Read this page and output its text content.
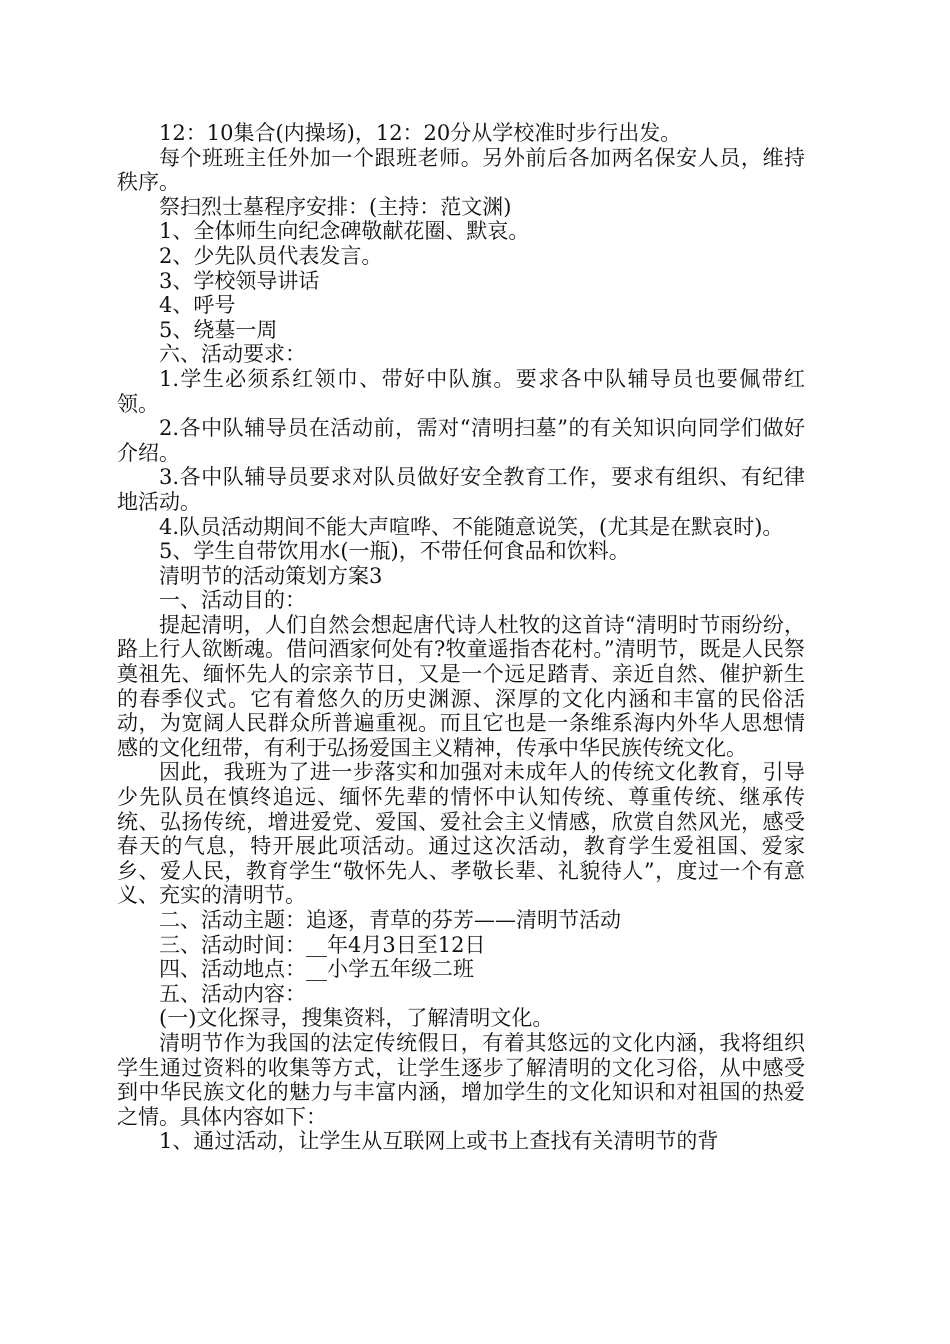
12：10集合(内操场)，12：20分从学校准时步行出发。

每个班班主任外加一个跟班老师。另外前后各加两名保安人员，维持秩序。

祭扫烈士墓程序安排：(主持：范文渊)

1、全体师生向纪念碑敬献花圈、默哀。

2、少先队员代表发言。

3、学校领导讲话

4、呼号

5、绕墓一周

六、活动要求：

1.学生必须系红领巾、带好中队旗。要求各中队辅导员也要佩带红领。

2.各中队辅导员在活动前，需对“清明扫墓”的有关知识向同学们做好介绍。

3.各中队辅导员要求对队员做好安全教育工作，要求有组织、有纪律地活动。

4.队员活动期间不能大声喧哗、不能随意说笑，(尤其是在默哀时)。

5、学生自带饮用水(一瓶)，不带任何食品和饮料。

清明节的活动策划方案3

一、活动目的：

提起清明，人们自然会想起唐代诗人杜牧的这首诗“清明时节雨纷纷，路上行人欲断魂。借问酒家何处有?牧童遥指杏花村。”清明节，既是人民祭奠祖先、缅怀先人的宗亲节日，又是一个远足踏青、亲近自然、催护新生的春季仪式。它有着悠久的历史渊源、深厚的文化内涵和丰富的民俗活动，为宽阔人民群众所普遍重视。而且它也是一条维系海内外华人思想情感的文化纽带，有利于弘扬爱国主义精神，传承中华民族传统文化。

因此，我班为了进一步落实和加强对未成年人的传统文化教育，引导少先队员在慎终追远、缅怀先辈的情怀中认知传统、尊重传统、继承传统、弘扬传统，增进爱党、爱国、爱社会主义情感，欣赏自然风光，感受春天的气息，特开展此项活动。通过这次活动，教育学生爱祖国、爱家乡、爱人民，教育学生“敬怀先人、孝敬长辈、礼貌待人”，度过一个有意义、充实的清明节。

二、活动主题：追逐，青草的芬芳——清明节活动

三、活动时间：__年4月3日至12日

四、活动地点：__小学五年级二班

五、活动内容：

(一)文化探寻，搜集资料，了解清明文化。

清明节作为我国的法定传统假日，有着其悠远的文化内涵，我将组织学生通过资料的收集等方式，让学生逐步了解清明的文化习俗，从中感受到中华民族文化的魅力与丰富内涵，增加学生的文化知识和对祖国的热爱之情。具体内容如下：

1、通过活动，让学生从互联网上或书上查找有关清明节的背
